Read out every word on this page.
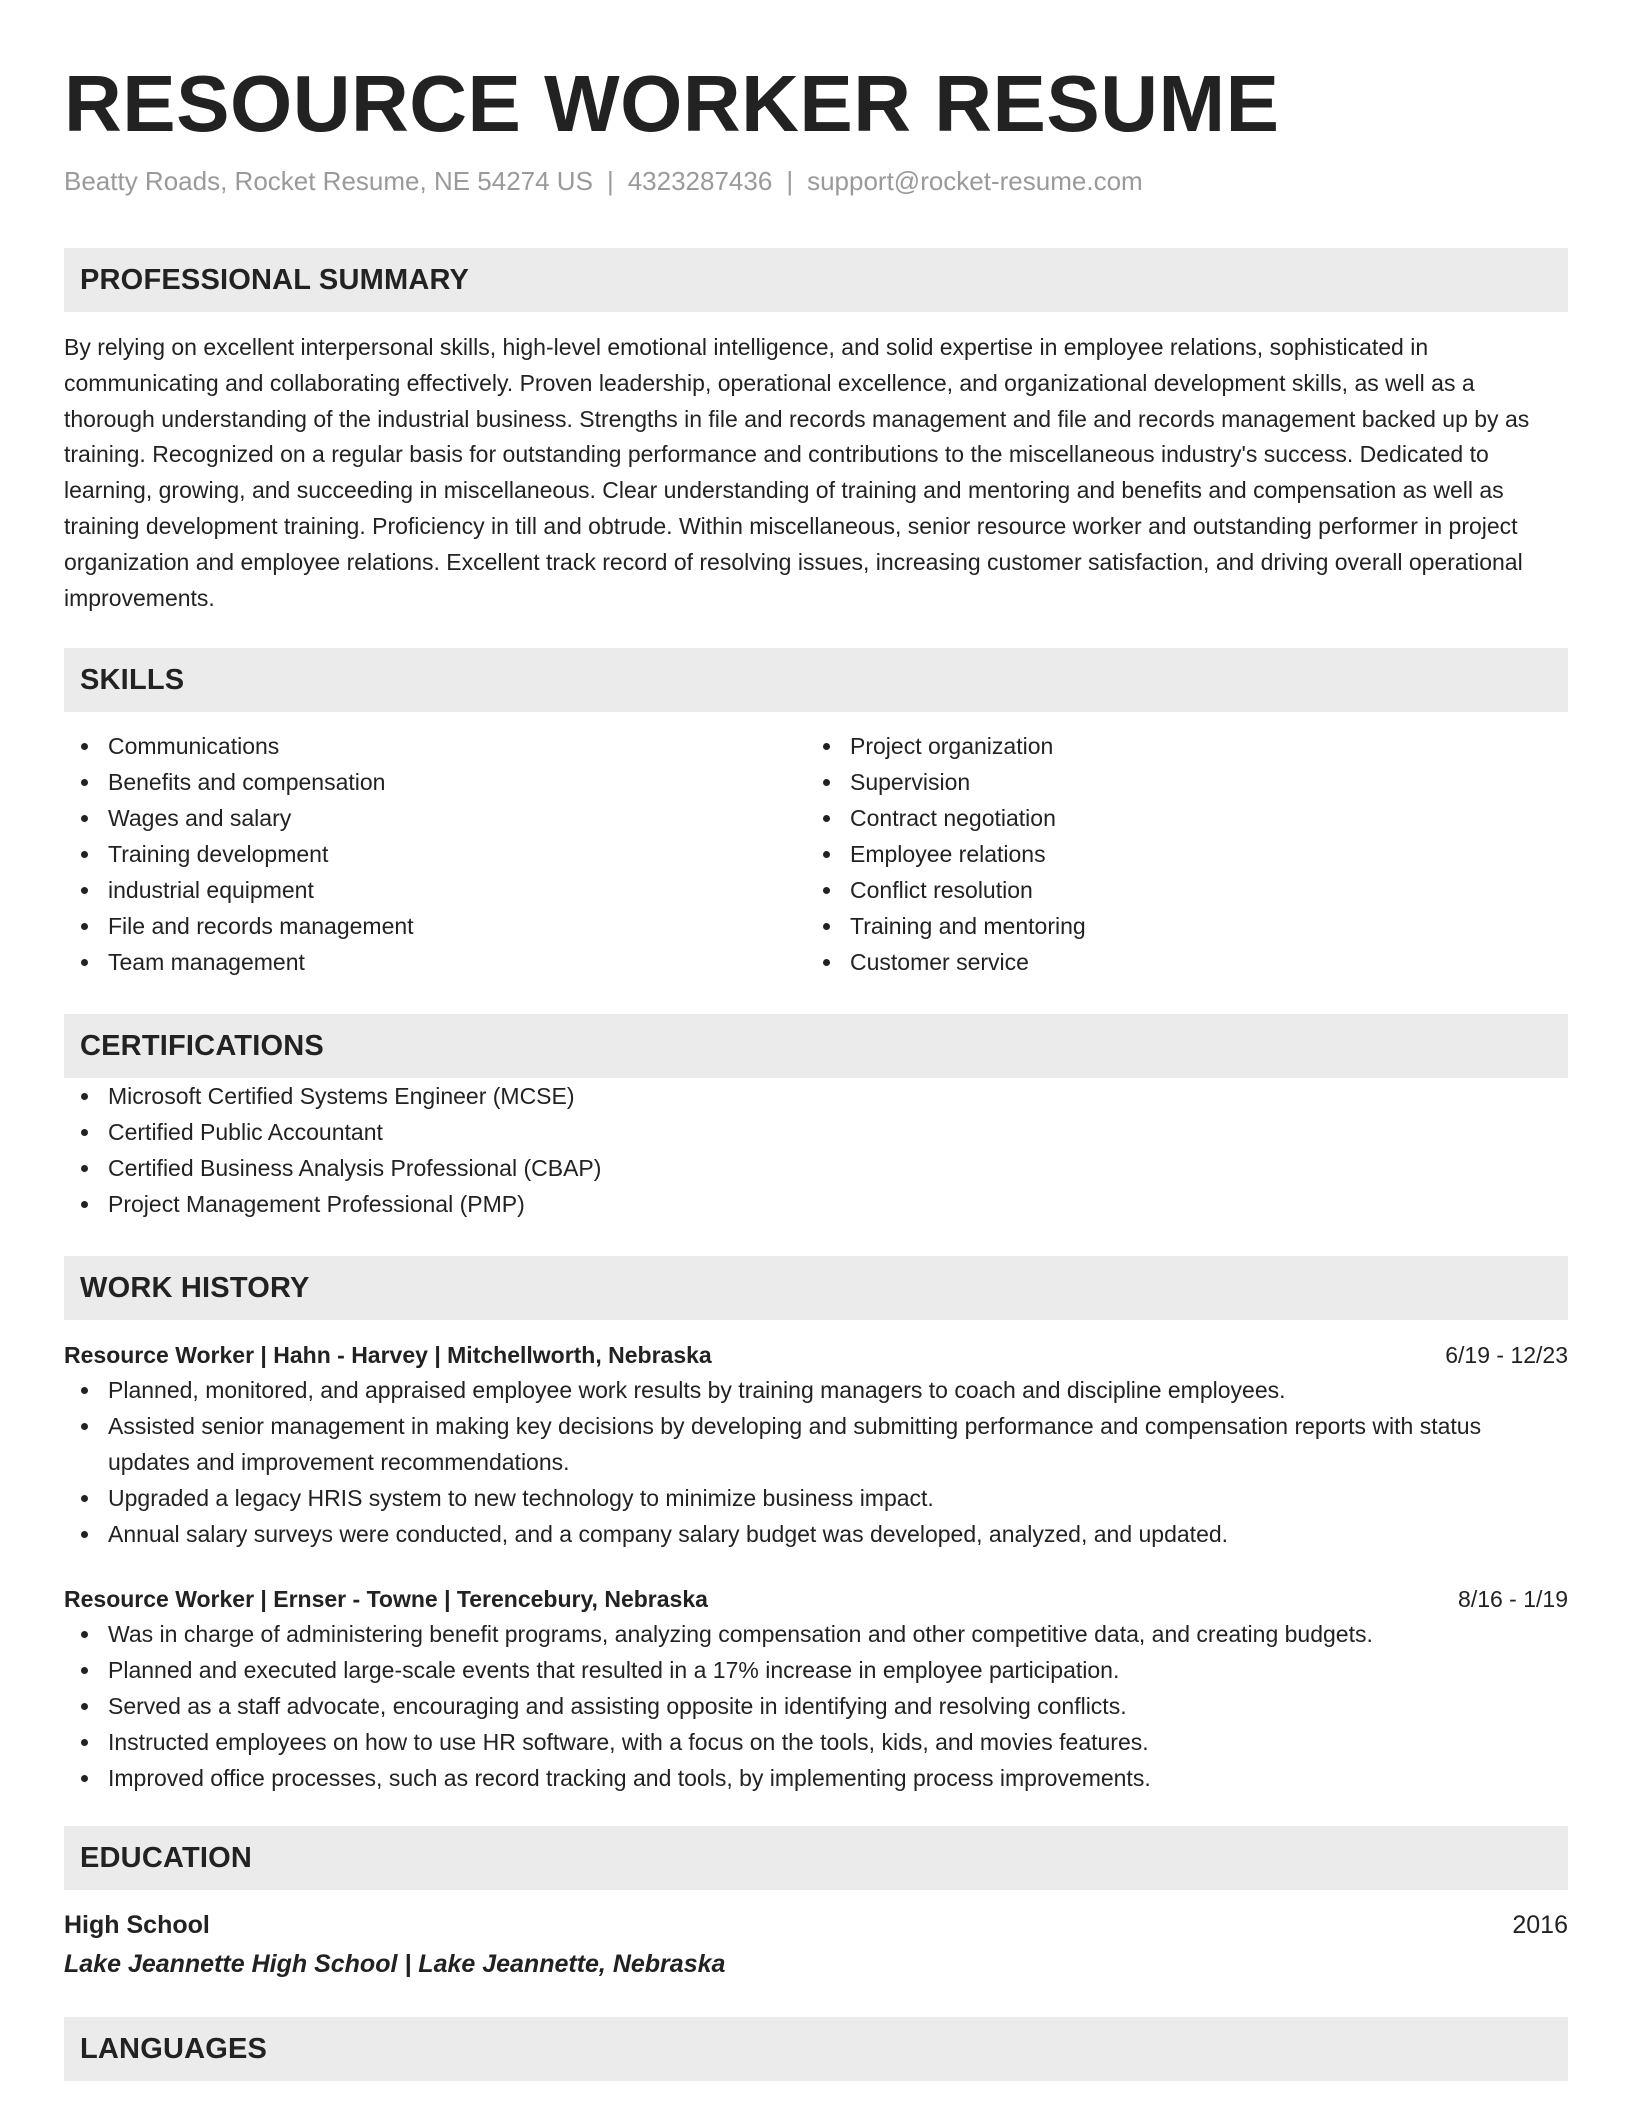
RESOURCE WORKER RESUME
Beatty Roads, Rocket Resume, NE 54274 US | 4323287436 | support@rocket-resume.com
PROFESSIONAL SUMMARY

By relying on excellent interpersonal skills, high-level emotional intelligence, and solid expertise in employee relations, sophisticated in communicating and collaborating effectively. Proven leadership, operational excellence, and organizational development skills, as well as a thorough understanding of the industrial business. Strengths in file and records management and file and records management backed up by as training. Recognized on a regular basis for outstanding performance and contributions to the miscellaneous industry's success. Dedicated to learning, growing, and succeeding in miscellaneous. Clear understanding of training and mentoring and benefits and compensation as well as training development training. Proficiency in till and obtrude. Within miscellaneous, senior resource worker and outstanding performer in project organization and employee relations. Excellent track record of resolving issues, increasing customer satisfaction, and driving overall operational improvements.

SKILLS
Communications
Benefits and compensation
Wages and salary
Training development
industrial equipment
File and records management
Team management
Project organization
Supervision
Contract negotiation
Employee relations
Conflict resolution
Training and mentoring
Customer service
CERTIFICATIONS
Microsoft Certified Systems Engineer (MCSE)
Certified Public Accountant
Certified Business Analysis Professional (CBAP)
Project Management Professional (PMP)
WORK HISTORY
Resource Worker | Hahn - Harvey | Mitchellworth, Nebraska	6/19 - 12/23
Planned, monitored, and appraised employee work results by training managers to coach and discipline employees.
Assisted senior management in making key decisions by developing and submitting performance and compensation reports with status updates and improvement recommendations.
Upgraded a legacy HRIS system to new technology to minimize business impact.
Annual salary surveys were conducted, and a company salary budget was developed, analyzed, and updated.
Resource Worker | Ernser - Towne | Terencebury, Nebraska	8/16 - 1/19
Was in charge of administering benefit programs, analyzing compensation and other competitive data, and creating budgets.
Planned and executed large-scale events that resulted in a 17% increase in employee participation.
Served as a staff advocate, encouraging and assisting opposite in identifying and resolving conflicts.
Instructed employees on how to use HR software, with a focus on the tools, kids, and movies features.
Improved office processes, such as record tracking and tools, by implementing process improvements.
EDUCATION
High School	2016
Lake Jeannette High School | Lake Jeannette, Nebraska
LANGUAGES
